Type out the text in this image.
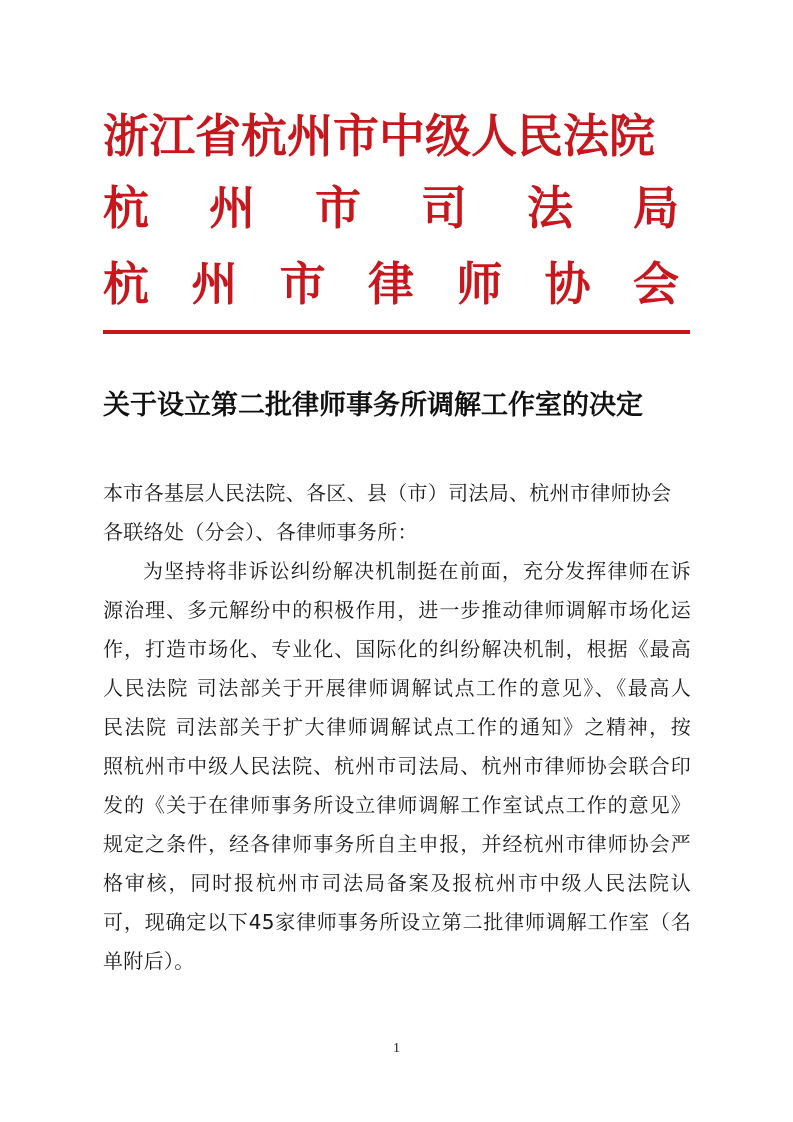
浙江省杭州市中级人民法院
杭 州 市 司 法 局
杭 州 市 律 师 协 会
关于设立第二批律师事务所调解工作室的决定
本市各基层人民法院、各区、县（市）司法局、杭州市律师协会
各联络处（分会）、各律师事务所：
为坚持将非诉讼纠纷解决机制挺在前面，充分发挥律师在诉
源治理、多元解纷中的积极作用，进一步推动律师调解市场化运
作，打造市场化、专业化、国际化的纠纷解决机制，根据《最高
人民法院 司法部关于开展律师调解试点工作的意见》、《最高人
民法院 司法部关于扩大律师调解试点工作的通知》之精神，按
照杭州市中级人民法院、杭州市司法局、杭州市律师协会联合印
发的《关于在律师事务所设立律师调解工作室试点工作的意见》
规定之条件，经各律师事务所自主申报，并经杭州市律师协会严
格审核，同时报杭州市司法局备案及报杭州市中级人民法院认
可，现确定以下45家律师事务所设立第二批律师调解工作室（名
单附后）。
1
